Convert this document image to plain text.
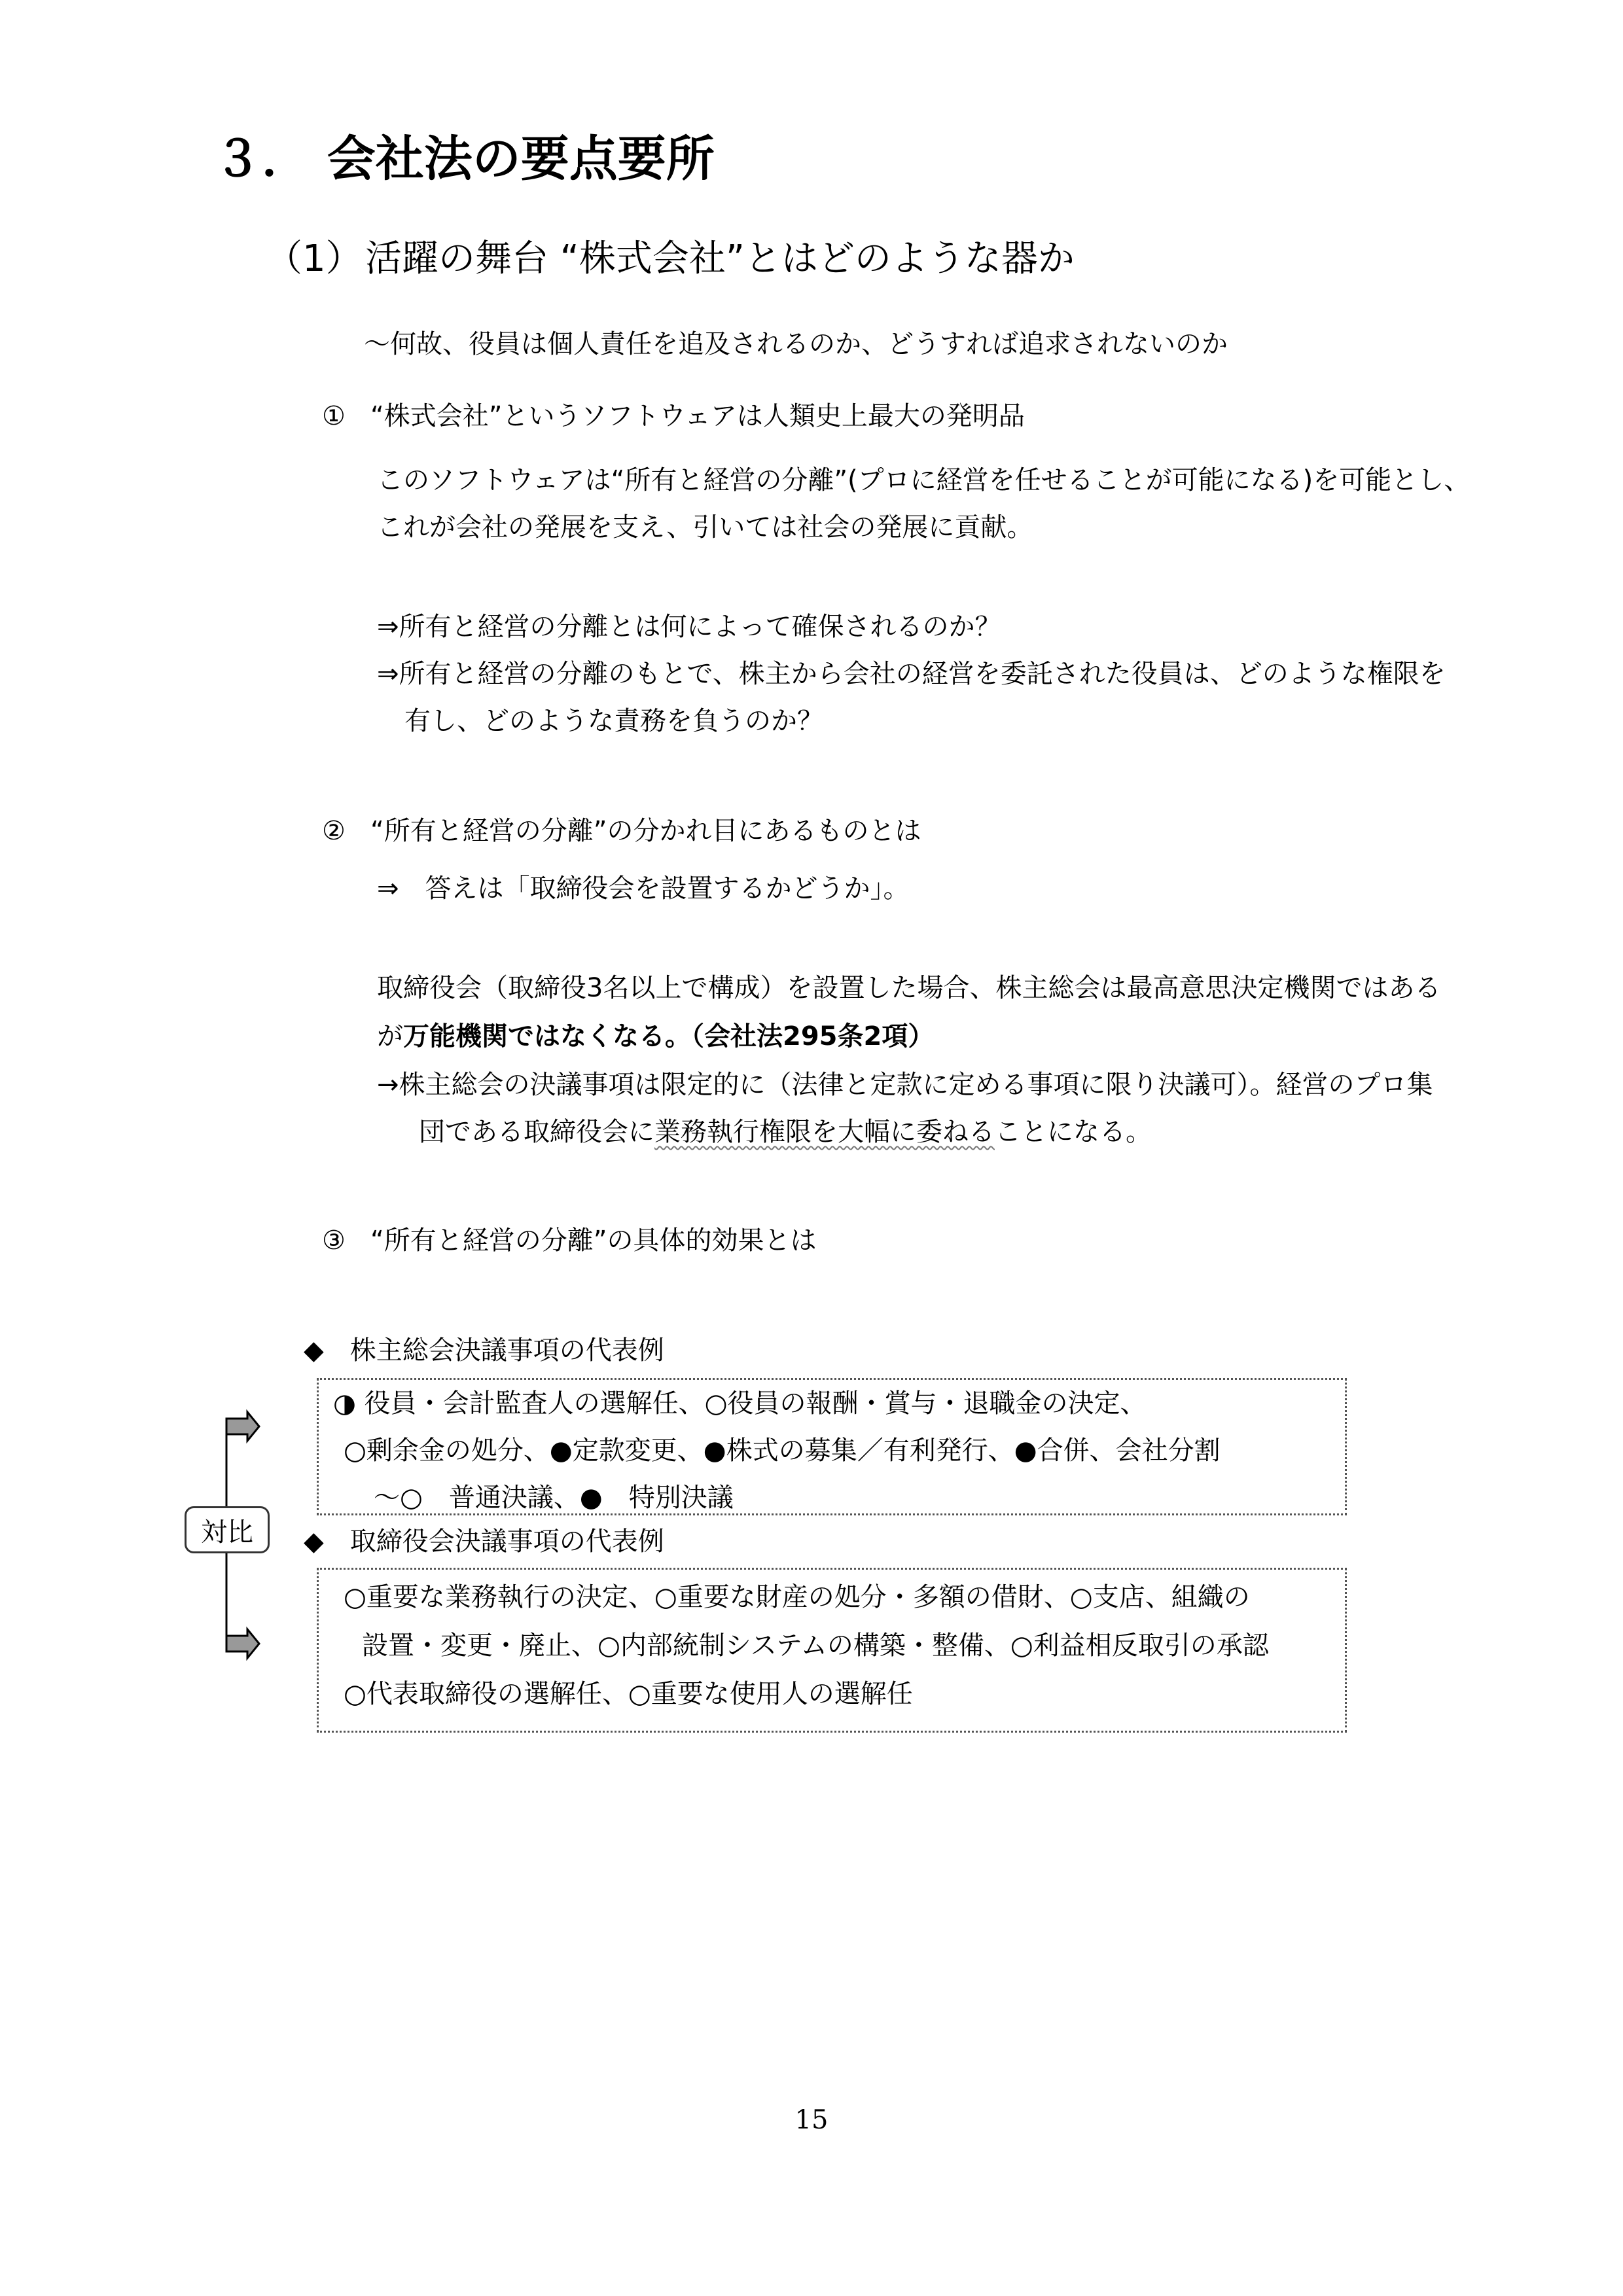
３． 会社法の要点要所
（1）活躍の舞台 “株式会社”とはどのような器か
～何故、役員は個人責任を追及されるのか、どうすれば追求されないのか
① “株式会社”というソフトウェアは人類史上最大の発明品
このソフトウェアは“所有と経営の分離”(プロに経営を任せることが可能になる)を可能とし、
これが会社の発展を支え、引いては社会の発展に貢献。
⇒所有と経営の分離とは何によって確保されるのか？
⇒所有と経営の分離のもとで、株主から会社の経営を委託された役員は、どのような権限を
有し、どのような責務を負うのか？
② “所有と経営の分離”の分かれ目にあるものとは
⇒　答えは「取締役会を設置するかどうか」。
取締役会（取締役3名以上で構成）を設置した場合、株主総会は最高意思決定機関ではある
が万能機関ではなくなる。（会社法295条2項）
→株主総会の決議事項は限定的に（法律と定款に定める事項に限り決議可）。経営のプロ集
団である取締役会に業務執行権限を大幅に委ねることになる。
③ “所有と経営の分離”の具体的効果とは
◆　株主総会決議事項の代表例
◑ 役員・会計監査人の選解任、○役員の報酬・賞与・退職金の決定、
○剰余金の処分、●定款変更、●株式の募集／有利発行、●合併、会社分割
～○　普通決議、●　特別決議
◆　取締役会決議事項の代表例
○重要な業務執行の決定、○重要な財産の処分・多額の借財、○支店、組織の
設置・変更・廃止、○内部統制システムの構築・整備、○利益相反取引の承認
○代表取締役の選解任、○重要な使用人の選解任
対比
15
